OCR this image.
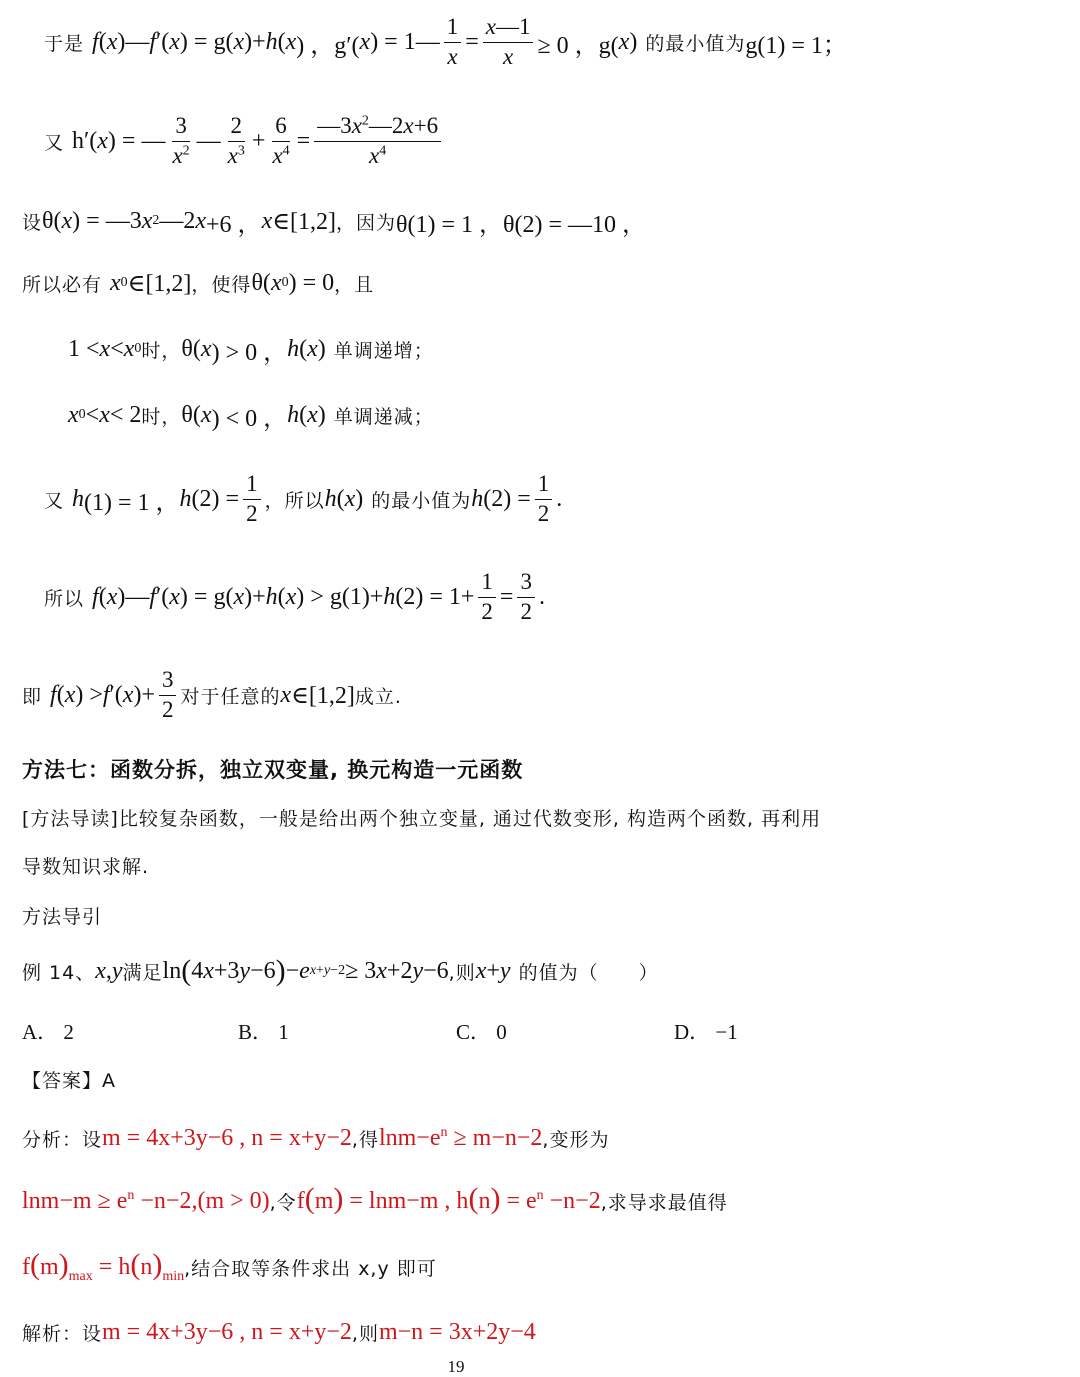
于是 f ( x )— f ′( x ) = g( x )+ h ( x ) ，g′( x ) = 1— $\frac{1}{x} = \frac{x—1}{x} \ge 0$ ，g( x ) 的最小值为 g(1) = 1；
又 h′( x ) = — $\frac{3}{x^2}$ — $\frac{2}{x^3} + \frac{6}{x^4} = \frac{—3x^2—2x+6}{x^4}$
设 θ( x ) = —3 x 2 —2 x +6 ， x ∈[1,2] ，因为 θ(1) = 1 ，θ(2) = —10 ，
所以必有 x 0 ∈[1,2] ，使得 θ( x 0 ) = 0 ，且
1 < x < x 0 时， θ( x ) > 0 ， h ( x ) 单调递增；
x 0 < x < 2 时， θ( x ) < 0 ， h ( x ) 单调递减；
又 h (1) = 1 ， h $(2) = \frac{1}{2}$ ，所以 h ( x ) 的最小值为 h $(2) = \frac{1}{2}$ .
所以 f ( x )— f ′( x ) = g( x )+ h ( x ) > g(1)+ h $(2) = 1+ \frac{1}{2} = \frac{3}{2}$ .
即 f ( x ) > f ′( x )+ $\frac{3}{2}$ 对于任意的 x ∈[1,2] 成立.
方法七：函数分拆，独立双变量, 换元构造一元函数
[方法导读]比较复杂函数，一般是给出两个独立变量, 通过代数变形, 构造两个函数, 再利用
导数知识求解.
方法导引
例 14、 x , y 满足 ln ( 4 x +3 y −6 ) − e x+y−2 ≥ 3 x +2 y −6 ,则 x + y 的值为（　　）
A． 2	B． 1	C． 0	D． −1
【答案】A
分析：设 m = 4x+3y−6 , n = x+y−2 ,得 $\ln m-e^n \ge m-n-2$ ,变形为
$\ln m-m \ge e^n -n-2,(m > 0)$ ,令 f(m) = lnm−m , $h(n) = e^n -n-2$ ,求导求最值得
$f(m)_{max} = h(n)_{min}$ ,结合取等条件求出 x,y 即可
解析：设 m = 4x+3y−6 , n = x+y−2 ,则 m−n = 3x+2y−4
19
